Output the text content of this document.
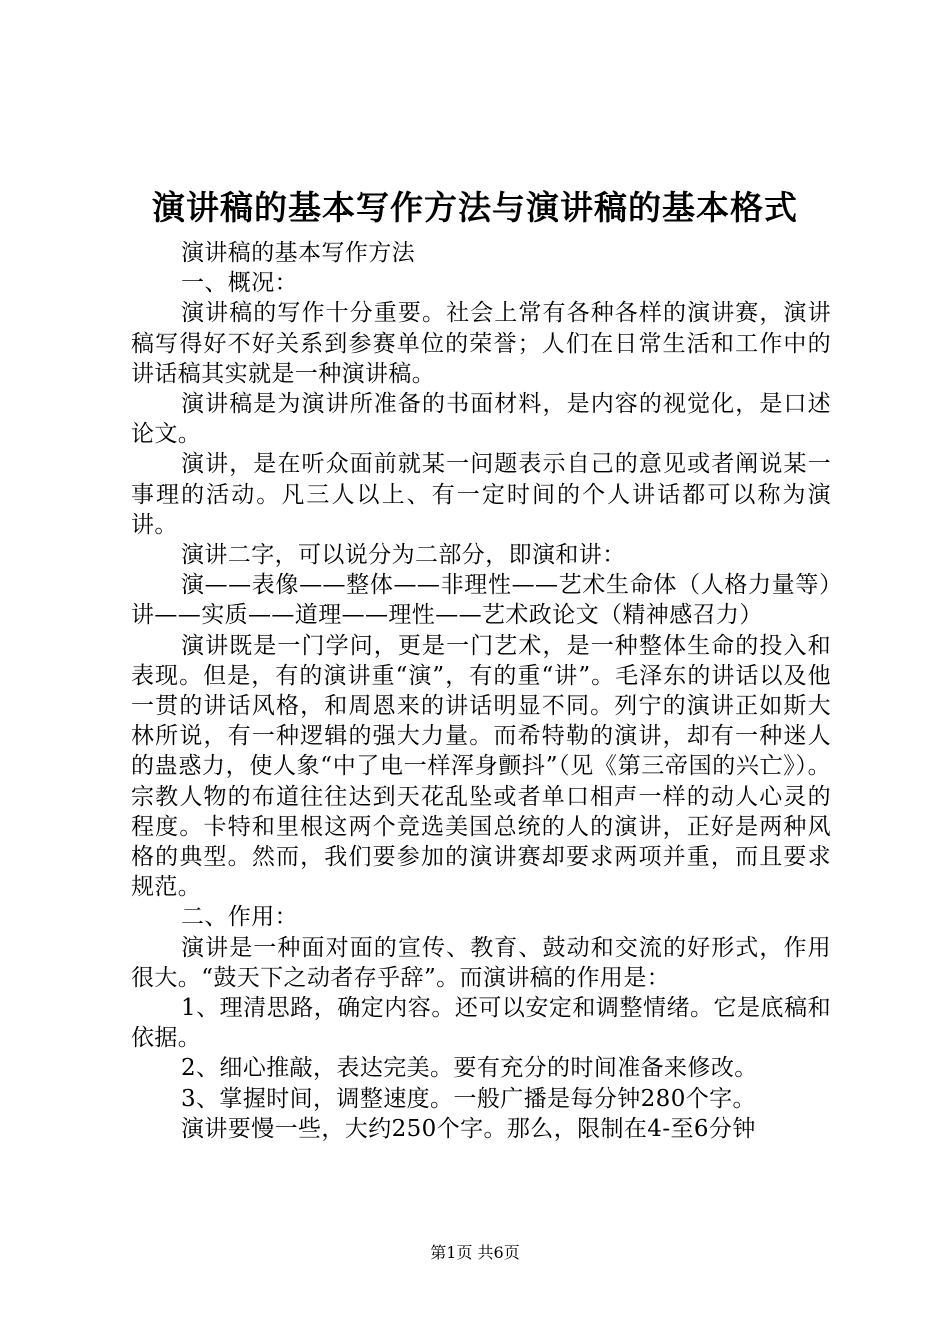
演讲稿的基本写作方法与演讲稿的基本格式

演讲稿的基本写作方法

一、概况：

演讲稿的写作十分重要。社会上常有各种各样的演讲赛，演讲稿写得好不好关系到参赛单位的荣誉；人们在日常生活和工作中的讲话稿其实就是一种演讲稿。

演讲稿是为演讲所准备的书面材料，是内容的视觉化，是口述论文。

演讲，是在听众面前就某一问题表示自己的意见或者阐说某一事理的活动。凡三人以上、有一定时间的个人讲话都可以称为演讲。

演讲二字，可以说分为二部分，即演和讲：

演——表像——整体——非理性——艺术生命体（人格力量等）讲——实质——道理——理性——艺术政论文（精神感召力）

演讲既是一门学问，更是一门艺术，是一种整体生命的投入和表现。但是，有的演讲重“演”，有的重“讲”。毛泽东的讲话以及他一贯的讲话风格，和周恩来的讲话明显不同。列宁的演讲正如斯大林所说，有一种逻辑的强大力量。而希特勒的演讲，却有一种迷人的蛊惑力，使人象“中了电一样浑身颤抖”（见《第三帝国的兴亡》）。宗教人物的布道往往达到天花乱坠或者单口相声一样的动人心灵的程度。卡特和里根这两个竞选美国总统的人的演讲，正好是两种风格的典型。然而，我们要参加的演讲赛却要求两项并重，而且要求规范。

二、作用：

演讲是一种面对面的宣传、教育、鼓动和交流的好形式，作用很大。“鼓天下之动者存乎辞”。而演讲稿的作用是：

1、理清思路，确定内容。还可以安定和调整情绪。它是底稿和依据。

2、细心推敲，表达完美。要有充分的时间准备来修改。

3、掌握时间，调整速度。一般广播是每分钟280个字。

演讲要慢一些，大约250个字。那么，限制在4-至6分钟

第1页 共6页
